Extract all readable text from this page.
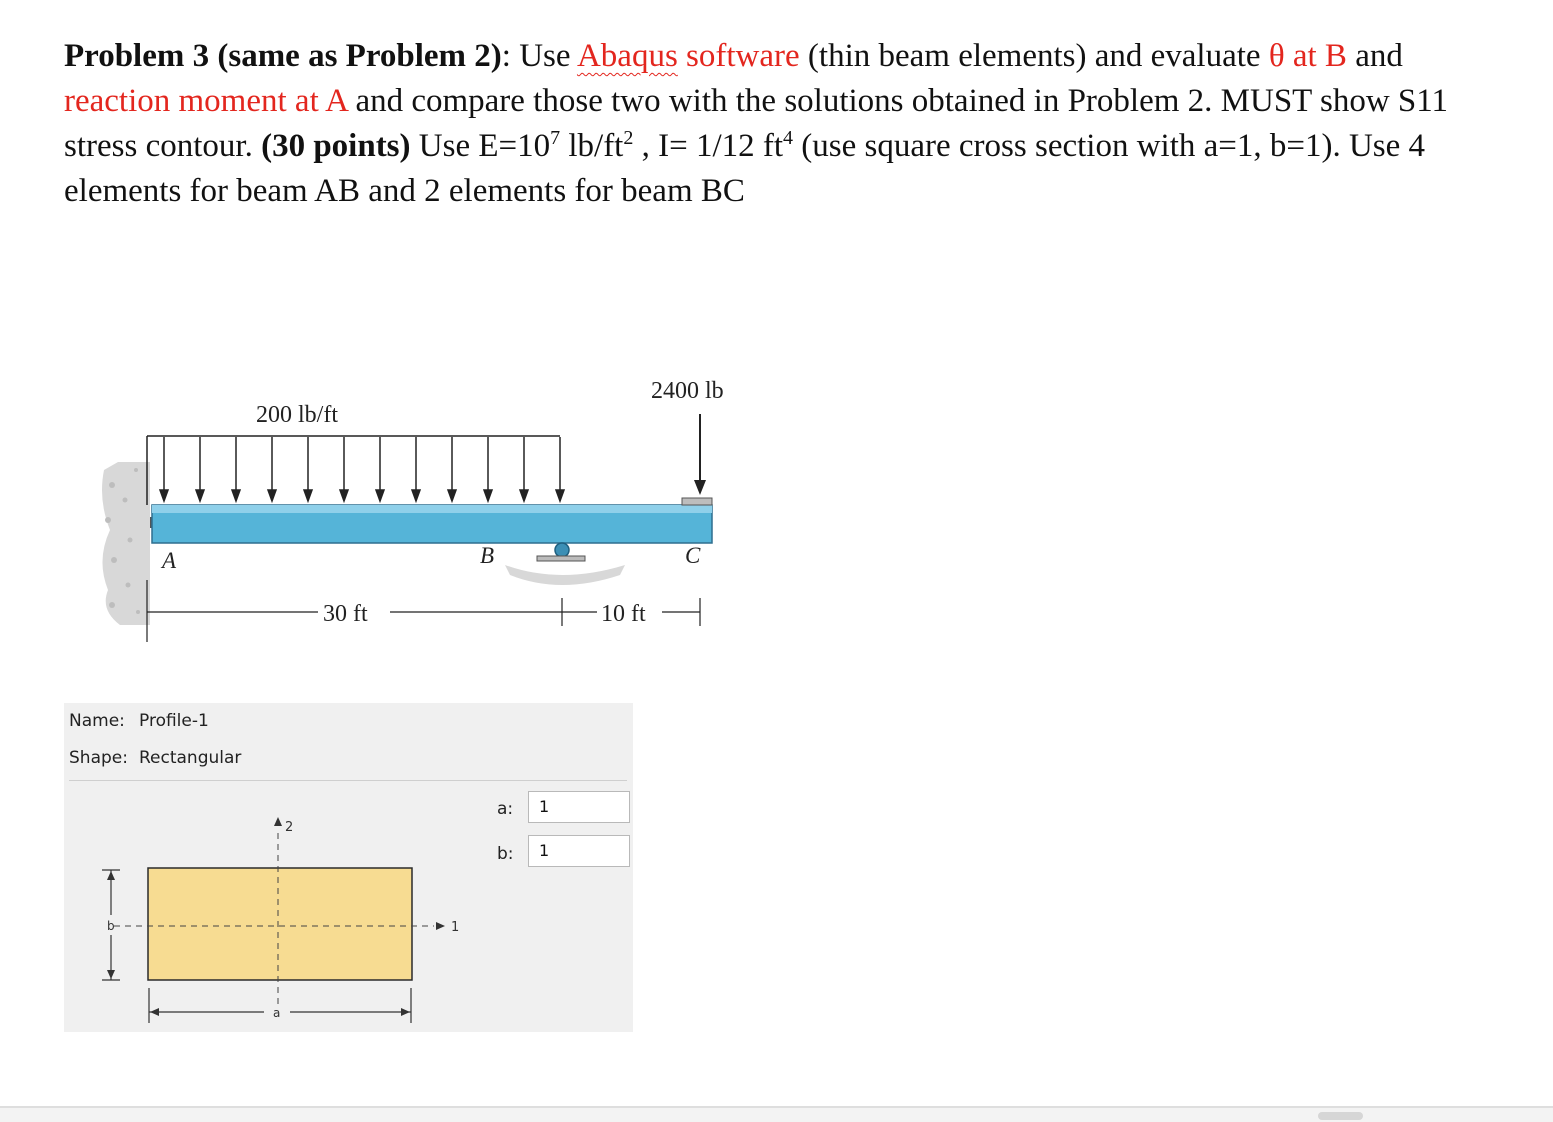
Problem 3 (same as Problem 2): Use Abaqus software (thin beam elements) and evaluate θ at B and reaction moment at A and compare those two with the solutions obtained in Problem 2. MUST show S11 stress contour. (30 points) Use $E=10^7$ $lb/ft^2$ , I= 1/12 $ft^4$ (use square cross section with a=1, b=1). Use 4 elements for beam AB and 2 elements for beam BC

200 lb/ft
2400 lb
A	B	C
30 ft	10 ft
Name: Profile-1
Shape: Rectangular
a:	1
b:	1
2
1
b
a
